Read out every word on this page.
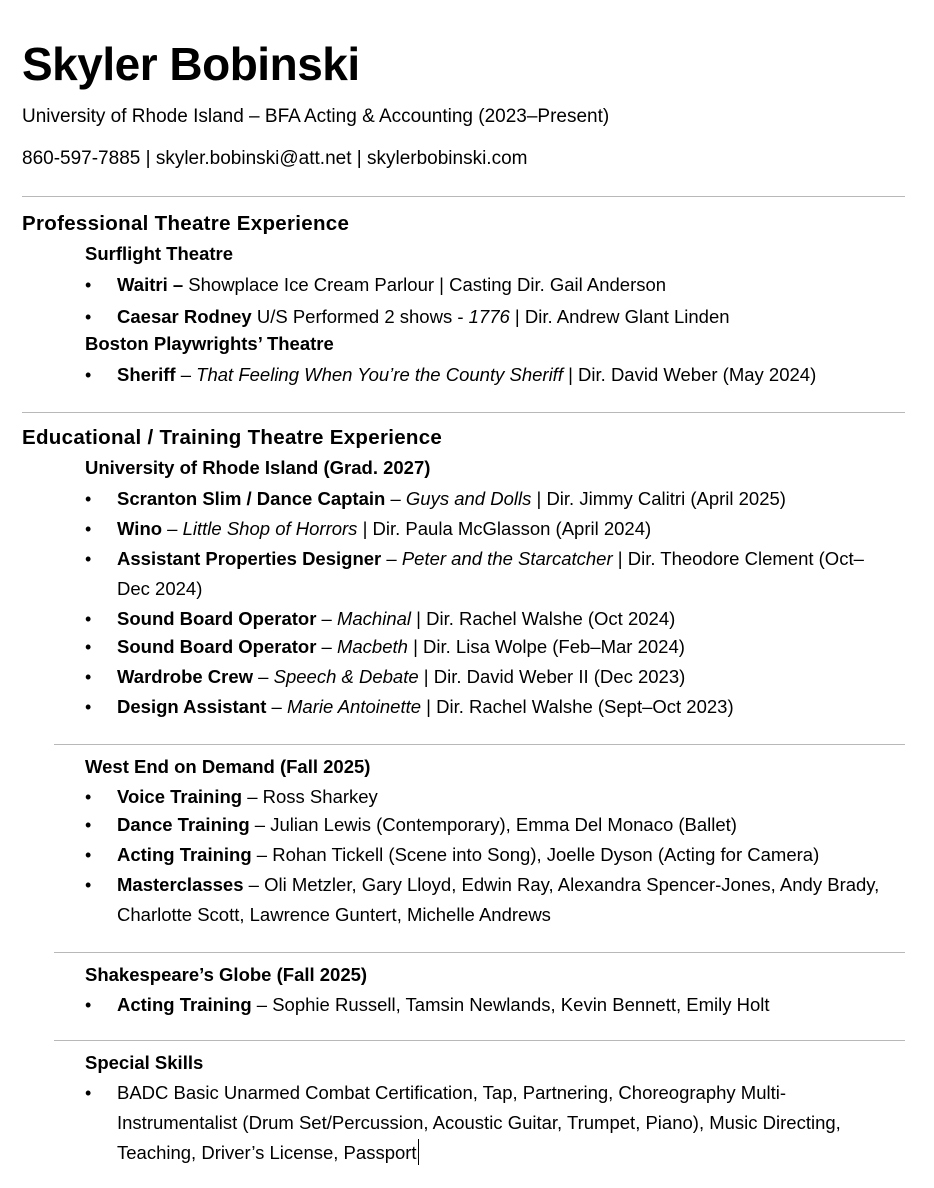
Skyler Bobinski
University of Rhode Island – BFA Acting & Accounting (2023–Present)
860-597-7885 | skyler.bobinski@att.net | skylerbobinski.com
Professional Theatre Experience
Surflight Theatre
•	Waitri – Showplace Ice Cream Parlour | Casting Dir. Gail Anderson
•	Caesar Rodney U/S Performed 2 shows - 1776 | Dir. Andrew Glant Linden
Boston Playwrights’ Theatre
•	Sheriff – That Feeling When You’re the County Sheriff | Dir. David Weber (May 2024)
Educational / Training Theatre Experience
University of Rhode Island (Grad. 2027)
•	Scranton Slim / Dance Captain – Guys and Dolls | Dir. Jimmy Calitri (April 2025)
•	Wino – Little Shop of Horrors | Dir. Paula McGlasson (April 2024)
•	Assistant Properties Designer – Peter and the Starcatcher | Dir. Theodore Clement (Oct–Dec 2024)
•	Sound Board Operator – Machinal | Dir. Rachel Walshe (Oct 2024)
•	Sound Board Operator – Macbeth | Dir. Lisa Wolpe (Feb–Mar 2024)
•	Wardrobe Crew – Speech & Debate | Dir. David Weber II (Dec 2023)
•	Design Assistant – Marie Antoinette | Dir. Rachel Walshe (Sept–Oct 2023)
West End on Demand (Fall 2025)
•	Voice Training – Ross Sharkey
•	Dance Training – Julian Lewis (Contemporary), Emma Del Monaco (Ballet)
•	Acting Training – Rohan Tickell (Scene into Song), Joelle Dyson (Acting for Camera)
•	Masterclasses – Oli Metzler, Gary Lloyd, Edwin Ray, Alexandra Spencer-Jones, Andy Brady, Charlotte Scott, Lawrence Guntert, Michelle Andrews
Shakespeare’s Globe (Fall 2025)
•	Acting Training – Sophie Russell, Tamsin Newlands, Kevin Bennett, Emily Holt
Special Skills
•	BADC Basic Unarmed Combat Certification, Tap, Partnering, Choreography Multi-Instrumentalist (Drum Set/Percussion, Acoustic Guitar, Trumpet, Piano), Music Directing, Teaching, Driver’s License, Passport
